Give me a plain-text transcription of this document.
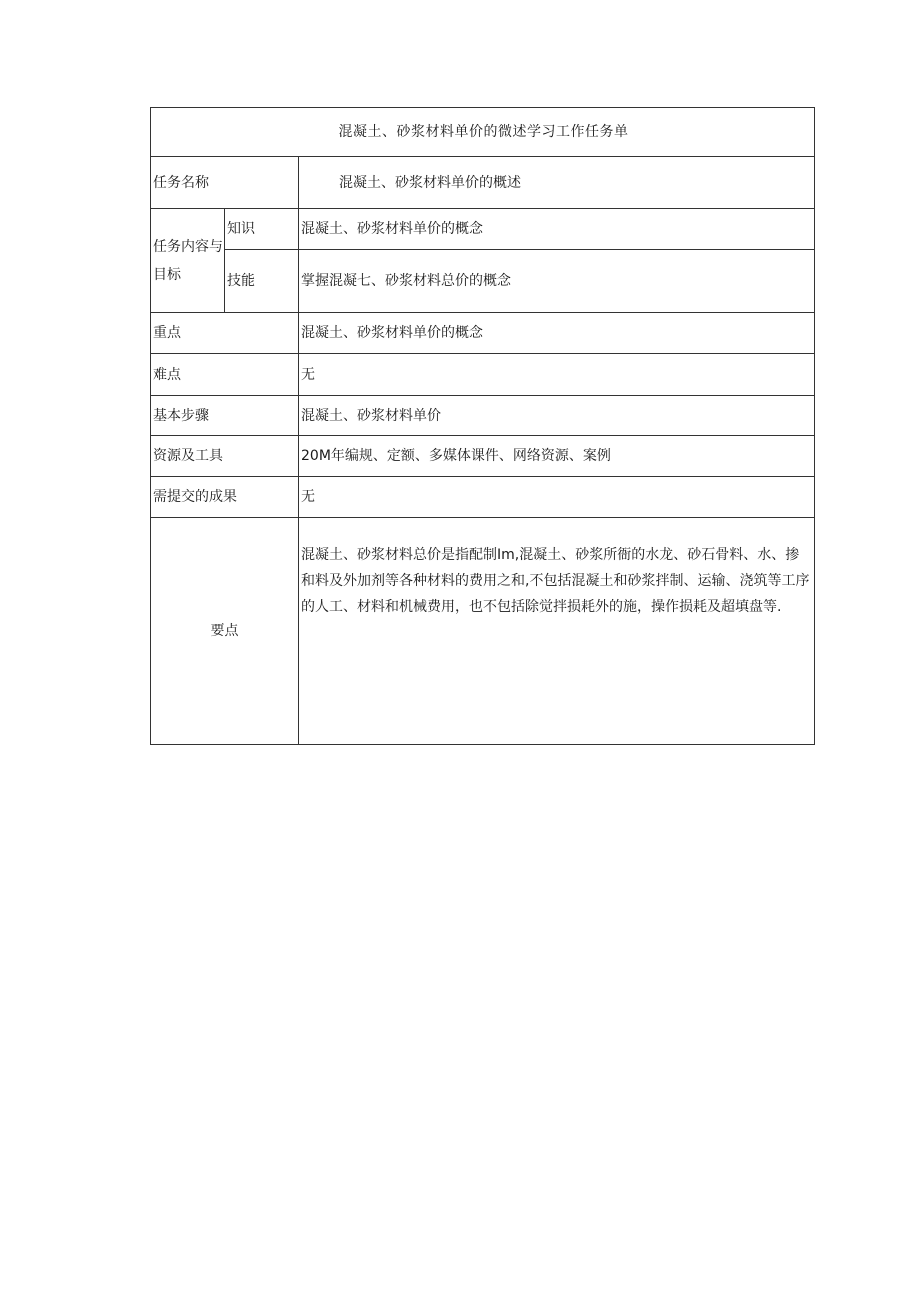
混凝土、砂浆材料单价的微述学习工作任务单		
任务名称		混凝土、砂浆材料单价的概述
任务内容与目标	知识	混凝土、砂浆材料单价的概念
	技能	掌握混凝七、砂浆材料总价的概念
重点		混凝土、砂浆材料单价的概念
难点		无
基本步骤		混凝土、砂浆材料单价
资源及工具		20M年编规、定额、多媒体课件、网络资源、案例
需提交的成果		无
要点		混凝土、砂浆材料总价是指配制Im,混凝土、砂浆所衙的水龙、砂石骨料、水、掺和料及外加剂等各种材料的费用之和,不包括混凝土和砂浆拌制、运输、浇筑等工序的人工、材料和机械费用，也不包括除觉拌损耗外的施，操作损耗及超填盘等.
